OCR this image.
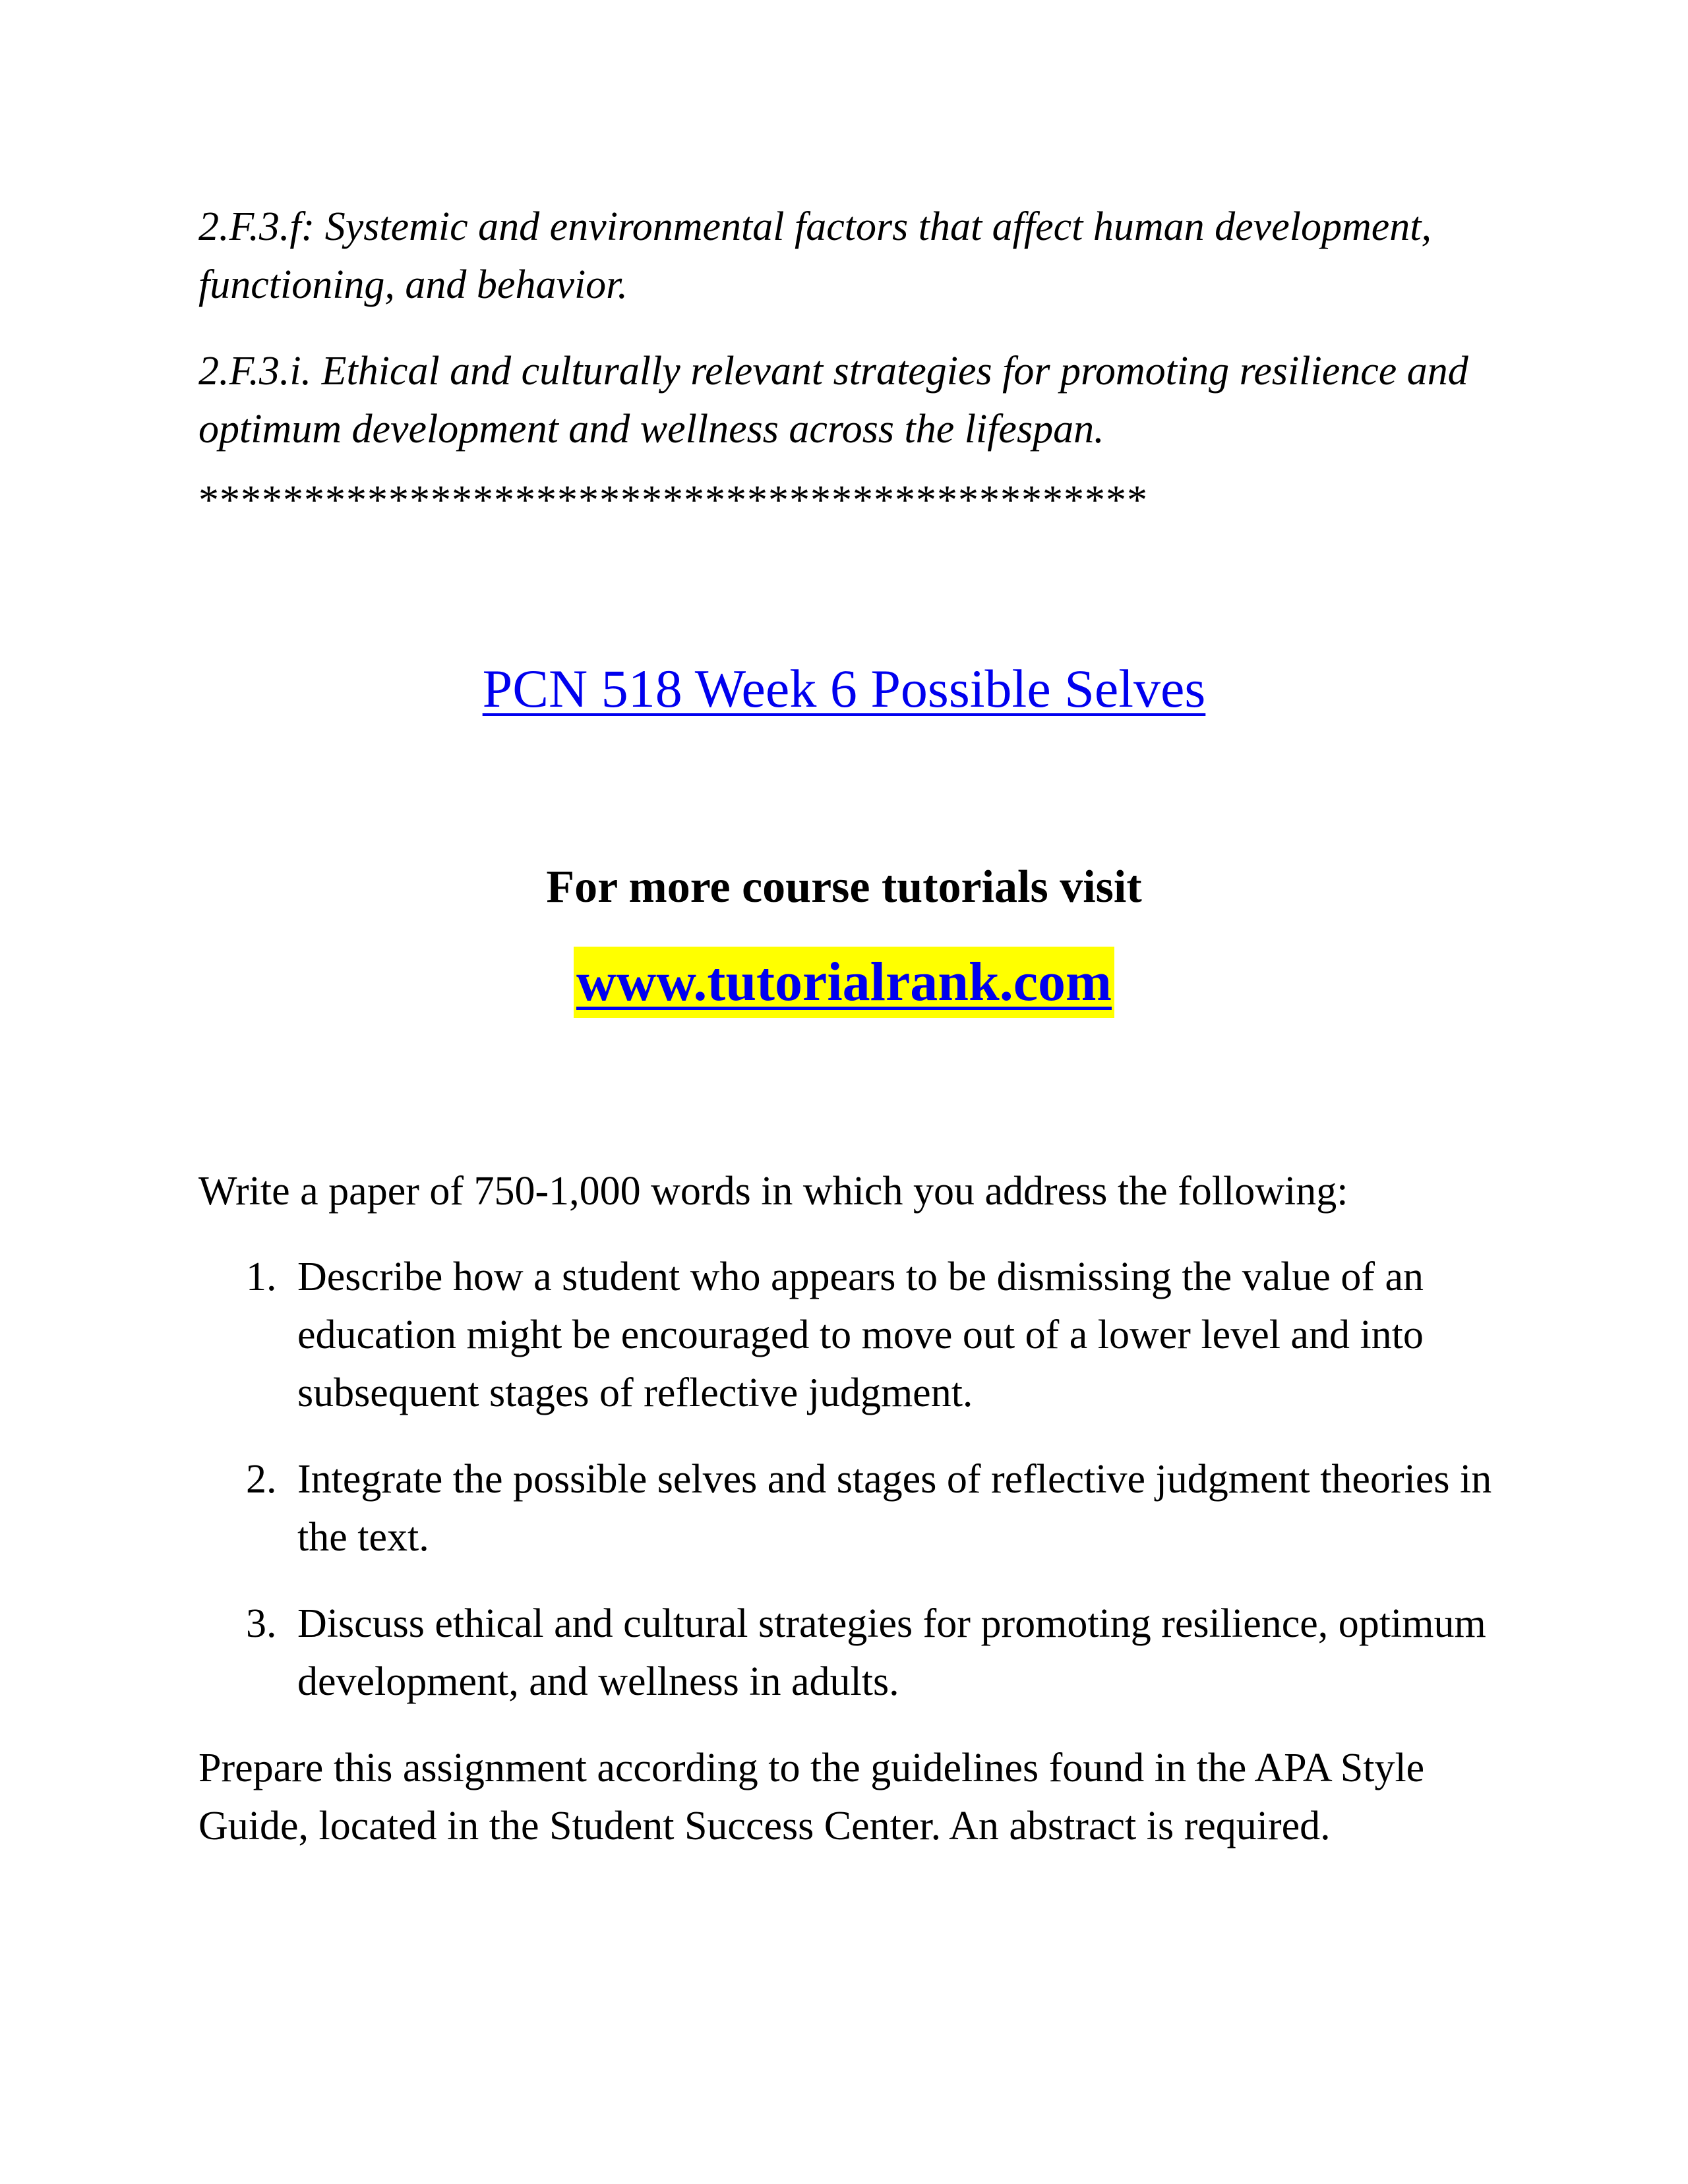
2.F.3.f: Systemic and environmental factors that affect human development, functioning, and behavior.

2.F.3.i. Ethical and culturally relevant strategies for promoting resilience and optimum development and wellness across the lifespan.

*********************************************
PCN 518 Week 6 Possible Selves
For more course tutorials visit
www.tutorialrank.com

Write a paper of 750-1,000 words in which you address the following:

1. Describe how a student who appears to be dismissing the value of an education might be encouraged to move out of a lower level and into subsequent stages of reflective judgment.
2. Integrate the possible selves and stages of reflective judgment theories in the text.
3. Discuss ethical and cultural strategies for promoting resilience, optimum development, and wellness in adults.

Prepare this assignment according to the guidelines found in the APA Style Guide, located in the Student Success Center. An abstract is required.
